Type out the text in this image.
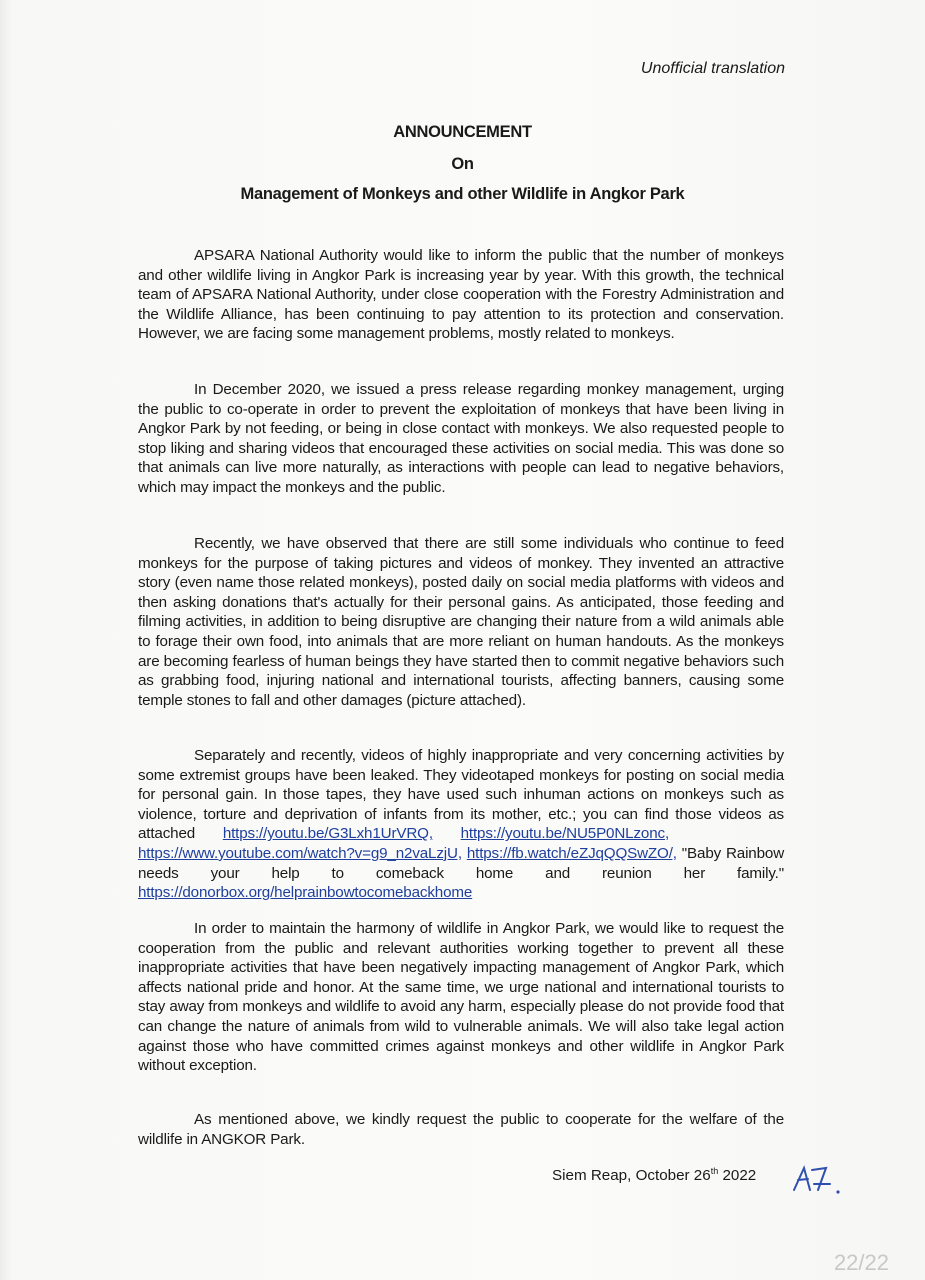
Unofficial translation
ANNOUNCEMENT
On
Management of Monkeys and other Wildlife in Angkor Park
APSARA National Authority would like to inform the public that the number of monkeys and other wildlife living in Angkor Park is increasing year by year. With this growth, the technical team of APSARA National Authority, under close cooperation with the Forestry Administration and the Wildlife Alliance, has been continuing to pay attention to its protection and conservation. However, we are facing some management problems, mostly related to monkeys.
In December 2020, we issued a press release regarding monkey management, urging the public to co-operate in order to prevent the exploitation of monkeys that have been living in Angkor Park by not feeding, or being in close contact with monkeys. We also requested people to stop liking and sharing videos that encouraged these activities on social media. This was done so that animals can live more naturally, as interactions with people can lead to negative behaviors, which may impact the monkeys and the public.
Recently, we have observed that there are still some individuals who continue to feed monkeys for the purpose of taking pictures and videos of monkey. They invented an attractive story (even name those related monkeys), posted daily on social media platforms with videos and then asking donations that's actually for their personal gains. As anticipated, those feeding and filming activities, in addition to being disruptive are changing their nature from a wild animals able to forage their own food, into animals that are more reliant on human handouts. As the monkeys are becoming fearless of human beings they have started then to commit negative behaviors such as grabbing food, injuring national and international tourists, affecting banners, causing some temple stones to fall and other damages (picture attached).
Separately and recently, videos of highly inappropriate and very concerning activities by some extremist groups have been leaked. They videotaped monkeys for posting on social media for personal gain. In those tapes, they have used such inhuman actions on monkeys such as violence, torture and deprivation of infants from its mother, etc.; you can find those videos as attached https://youtu.be/G3Lxh1UrVRQ, https://youtu.be/NU5P0NLzonc,      https://www.youtube.com/watch?v=g9_n2vaLzjU, https://fb.watch/eZJqQQSwZO/, "Baby Rainbow needs your help to comeback home and reunion her family." https://donorbox.org/helprainbowtocomebackhome
In order to maintain the harmony of wildlife in Angkor Park, we would like to request the cooperation from the public and relevant authorities working together to prevent all these inappropriate activities that have been negatively impacting management of Angkor Park, which affects national pride and honor. At the same time, we urge national and international tourists to stay away from monkeys and wildlife to avoid any harm, especially please do not provide food that can change the nature of animals from wild to vulnerable animals. We will also take legal action against those who have committed crimes against monkeys and other wildlife in Angkor Park without exception.
As mentioned above, we kindly request the public to cooperate for the welfare of the wildlife in ANGKOR Park.
Siem Reap, October 26th 2022
22/22
